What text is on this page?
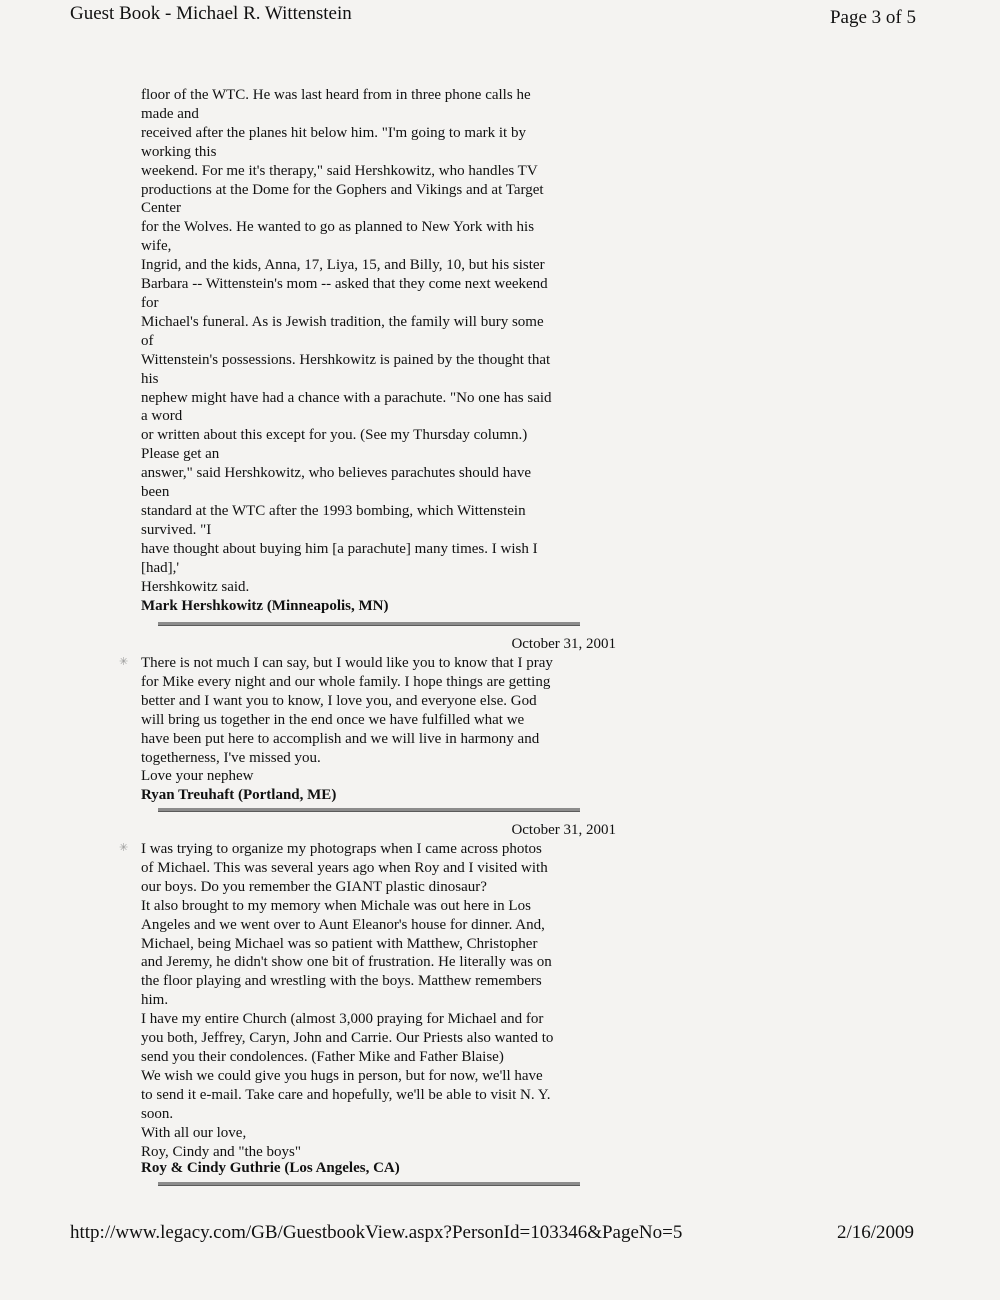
Guest Book - Michael R. Wittenstein	Page 3 of 5
floor of the WTC. He was last heard from in three phone calls he
made and
received after the planes hit below him. "I'm going to mark it by
working this
weekend. For me it's therapy," said Hershkowitz, who handles TV
productions at the Dome for the Gophers and Vikings and at Target
Center
for the Wolves. He wanted to go as planned to New York with his
wife,
Ingrid, and the kids, Anna, 17, Liya, 15, and Billy, 10, but his sister
Barbara -- Wittenstein's mom -- asked that they come next weekend
for
Michael's funeral. As is Jewish tradition, the family will bury some
of
Wittenstein's possessions. Hershkowitz is pained by the thought that
his
nephew might have had a chance with a parachute. "No one has said
a word
or written about this except for you. (See my Thursday column.)
Please get an
answer," said Hershkowitz, who believes parachutes should have
been
standard at the WTC after the 1993 bombing, which Wittenstein
survived. "I
have thought about buying him [a parachute] many times. I wish I
[had],'
Hershkowitz said.
Mark Hershkowitz (Minneapolis, MN)
October 31, 2001
✳ There is not much I can say, but I would like you to know that I pray
for Mike every night and our whole family. I hope things are getting
better and I want you to know, I love you, and everyone else. God
will bring us together in the end once we have fulfilled what we
have been put here to accomplish and we will live in harmony and
togetherness, I've missed you.
Love your nephew
Ryan Treuhaft (Portland, ME)
October 31, 2001
✳ I was trying to organize my photograps when I came across photos
of Michael. This was several years ago when Roy and I visited with
our boys. Do you remember the GIANT plastic dinosaur?
It also brought to my memory when Michale was out here in Los
Angeles and we went over to Aunt Eleanor's house for dinner. And,
Michael, being Michael was so patient with Matthew, Christopher
and Jeremy, he didn't show one bit of frustration. He literally was on
the floor playing and wrestling with the boys. Matthew remembers
him.
I have my entire Church (almost 3,000 praying for Michael and for
you both, Jeffrey, Caryn, John and Carrie. Our Priests also wanted to
send you their condolences. (Father Mike and Father Blaise)
We wish we could give you hugs in person, but for now, we'll have
to send it e-mail. Take care and hopefully, we'll be able to visit N. Y.
soon.
With all our love,
Roy, Cindy and "the boys"
Roy & Cindy Guthrie (Los Angeles, CA)
http://www.legacy.com/GB/GuestbookView.aspx?PersonId=103346&PageNo=5	2/16/2009
